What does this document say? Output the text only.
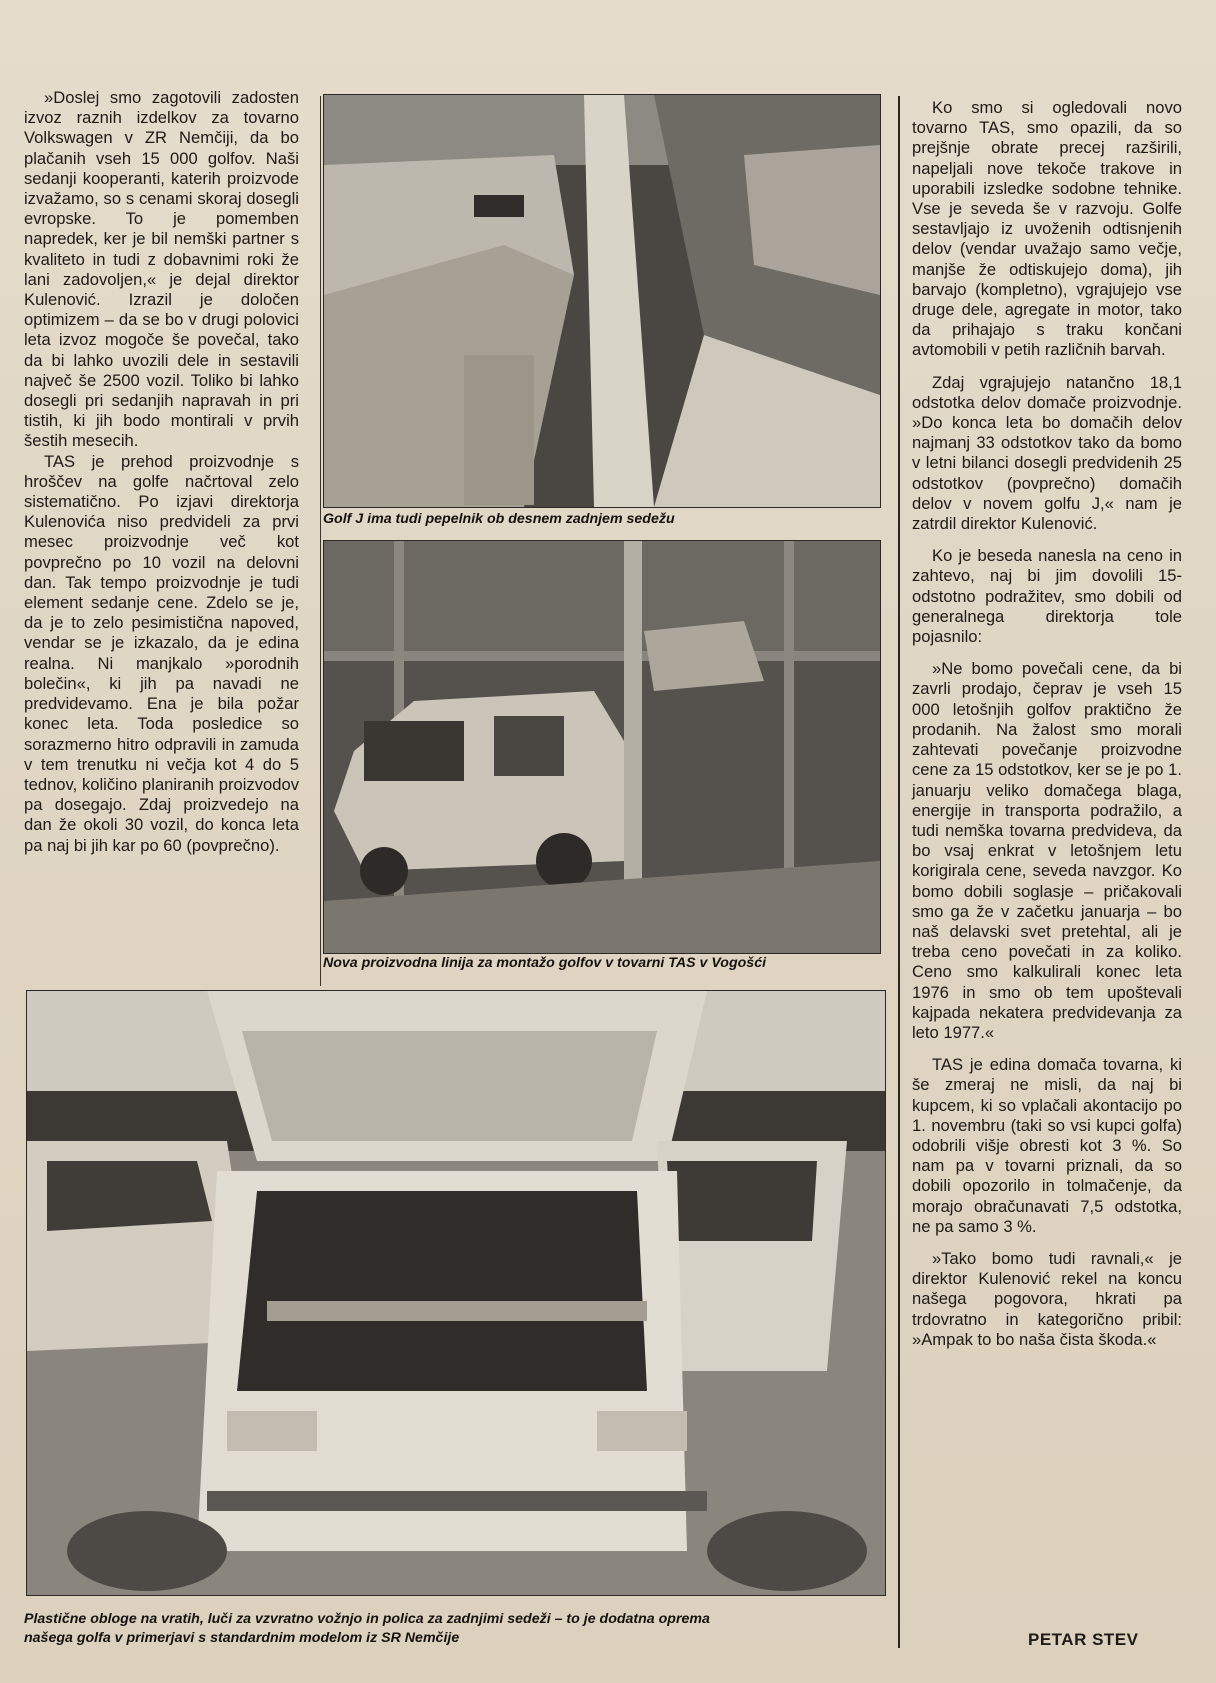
»Doslej smo zagotovili zadosten izvoz raznih izdelkov za tovarno Volkswagen v ZR Nemčiji, da bo plačanih vseh 15 000 golfov. Naši sedanji kooperanti, katerih proizvode izvažamo, so s cenami skoraj dosegli evropske. To je pomemben napredek, ker je bil nemški partner s kvaliteto in tudi z dobavnimi roki že lani zadovoljen,« je dejal direktor Kulenović. Izrazil je določen optimizem – da se bo v drugi polovici leta izvoz mogoče še povečal, tako da bi lahko uvozili dele in sestavili največ še 2500 vozil. Toliko bi lahko dosegli pri sedanjih napravah in pri tistih, ki jih bodo montirali v prvih šestih mesecih.

TAS je prehod proizvodnje s hroščev na golfe načrtoval zelo sistematično. Po izjavi direktorja Kulenovića niso predvideli za prvi mesec proizvodnje več kot povprečno po 10 vozil na delovni dan. Tak tempo proizvodnje je tudi element sedanje cene. Zdelo se je, da je to zelo pesimistična napoved, vendar se je izkazalo, da je edina realna. Ni manjkalo »porodnih bolečin«, ki jih pa navadi ne predvidevamo. Ena je bila požar konec leta. Toda posledice so sorazmerno hitro odpravili in zamuda v tem trenutku ni večja kot 4 do 5 tednov, količino planiranih proizvodov pa dosegajo. Zdaj proizvedejo na dan že okoli 30 vozil, do konca leta pa naj bi jih kar po 60 (povprečno).

Golf J ima tudi pepelnik ob desnem zadnjem sedežu
Nova proizvodna linija za montažo golfov v tovarni TAS v Vogošći
Plastične obloge na vratih, luči za vzvratno vožnjo in polica za zadnjimi sedeži – to je dodatna oprema
našega golfa v primerjavi s standardnim modelom iz SR Nemčije

Ko smo si ogledovali novo tovarno TAS, smo opazili, da so prejšnje obrate precej razširili, napeljali nove tekoče trakove in uporabili izsledke sodobne tehnike. Vse je seveda še v razvoju. Golfe sestavljajo iz uvoženih odtisnjenih delov (vendar uvažajo samo večje, manjše že odtiskujejo doma), jih barvajo (kompletno), vgrajujejo vse druge dele, agregate in motor, tako da prihajajo s traku končani avtomobili v petih različnih barvah.

Zdaj vgrajujejo natančno 18,1 odstotka delov domače proizvodnje. »Do konca leta bo domačih delov najmanj 33 odstotkov tako da bomo v letni bilanci dosegli predvidenih 25 odstotkov (povprečno) domačih delov v novem golfu J,« nam je zatrdil direktor Kulenović.

Ko je beseda nanesla na ceno in zahtevo, naj bi jim dovolili 15-odstotno podražitev, smo dobili od generalnega direktorja tole pojasnilo:

»Ne bomo povečali cene, da bi zavrli prodajo, čeprav je vseh 15 000 letošnjih golfov praktično že prodanih. Na žalost smo morali zahtevati povečanje proizvodne cene za 15 odstotkov, ker se je po 1. januarju veliko domačega blaga, energije in transporta podražilo, a tudi nemška tovarna predvideva, da bo vsaj enkrat v letošnjem letu korigirala cene, seveda navzgor. Ko bomo dobili soglasje – pričakovali smo ga že v začetku januarja – bo naš delavski svet pretehtal, ali je treba ceno povečati in za koliko. Ceno smo kalkulirali konec leta 1976 in smo ob tem upoštevali kajpada nekatera predvidevanja za leto 1977.«

TAS je edina domača tovarna, ki še zmeraj ne misli, da naj bi kupcem, ki so vplačali akontacijo po 1. novembru (taki so vsi kupci golfa) odobrili višje obresti kot 3 %. So nam pa v tovarni priznali, da so dobili opozorilo in tolmačenje, da morajo obračunavati 7,5 odstotka, ne pa samo 3 %.

»Tako bomo tudi ravnali,« je direktor Kulenović rekel na koncu našega pogovora, hkrati pa trdovratno in kategorično pribil: »Ampak to bo naša čista škoda.«

PETAR STEV
